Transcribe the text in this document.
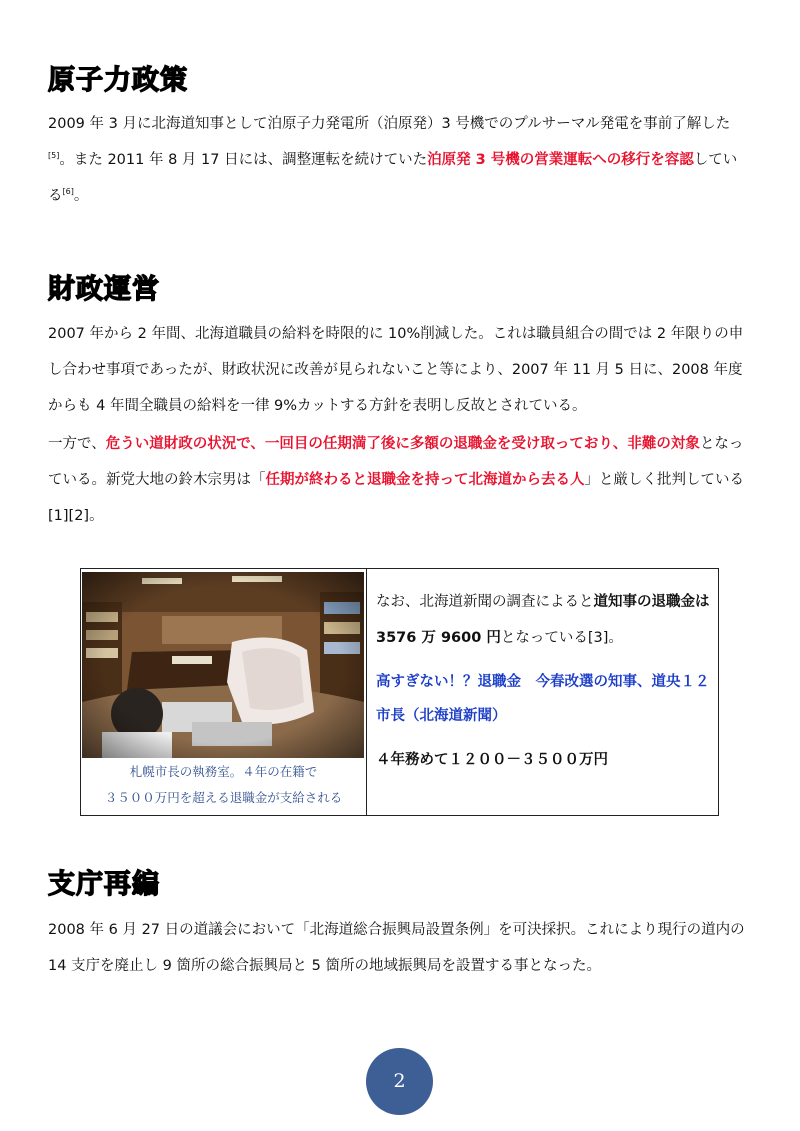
原子力政策

2009 年 3 月に北海道知事として泊原子力発電所（泊原発）3 号機でのプルサーマル発電を事前了解した[5]。また 2011 年 8 月 17 日には、調整運転を続けていた泊原発 3 号機の営業運転への移行を容認している[6]。

財政運営

2007 年から 2 年間、北海道職員の給料を時限的に 10%削減した。これは職員組合の間では 2 年限りの申し合わせ事項であったが、財政状況に改善が見られないこと等により、2007 年 11 月 5 日に、2008 年度からも 4 年間全職員の給料を一律 9%カットする方針を表明し反故とされている。

一方で、危うい道財政の状況で、一回目の任期満了後に多額の退職金を受け取っており、非難の対象となっている。新党大地の鈴木宗男は「任期が終わると退職金を持って北海道から去る人」と厳しく批判している[1][2]。

札幌市長の執務室。４年の在籍で
３５００万円を超える退職金が支給される

なお、北海道新聞の調査によると道知事の退職金は 3576 万 9600 円となっている[3]。

高すぎない！？退職金　今春改選の知事、道央１２市長（北海道新聞）

４年務めて１２００－３５００万円

支庁再編

2008 年 6 月 27 日の道議会において「北海道総合振興局設置条例」を可決採択。これにより現行の道内の 14 支庁を廃止し 9 箇所の総合振興局と 5 箇所の地域振興局を設置する事となった。

2
